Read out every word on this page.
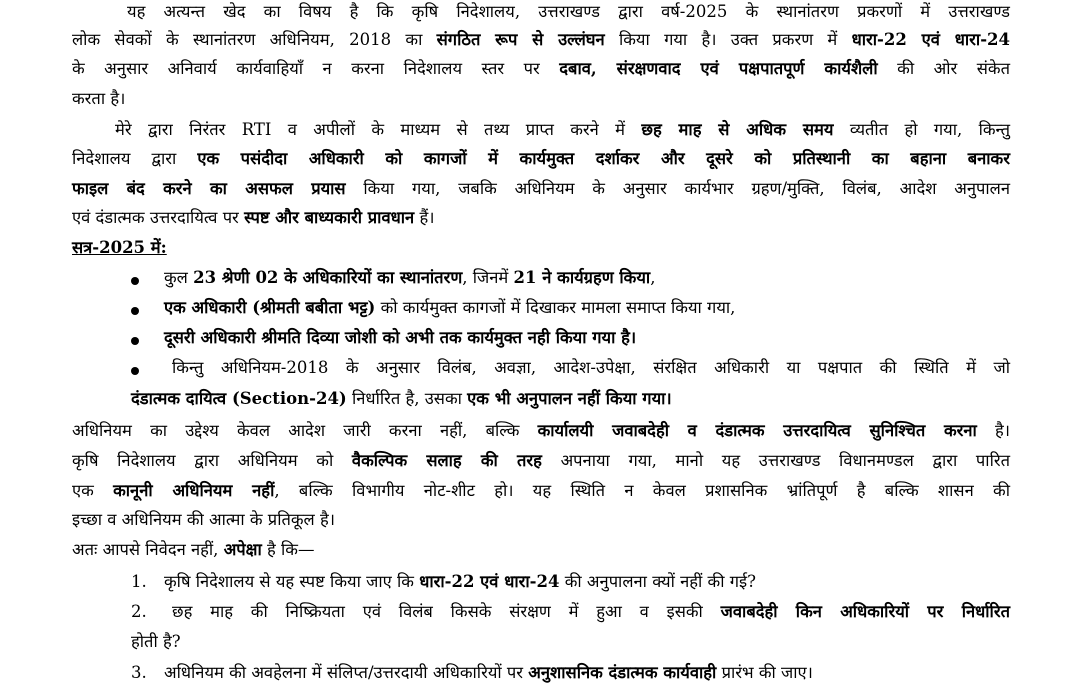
यह अत्यन्त खेद का विषय है कि कृषि निदेशालय, उत्तराखण्ड द्वारा वर्ष-2025 के स्थानांतरण प्रकरणों में उत्तराखण्ड
लोक सेवकों के स्थानांतरण अधिनियम, 2018 का संगठित रूप से उल्लंघन किया गया है। उक्त प्रकरण में धारा-22 एवं धारा-24
के अनुसार अनिवार्य कार्यवाहियाँ न करना निदेशालय स्तर पर दबाव, संरक्षणवाद एवं पक्षपातपूर्ण कार्यशैली की ओर संकेत
करता है।
मेरे द्वारा निरंतर RTI व अपीलों के माध्यम से तथ्य प्राप्त करने में छह माह से अधिक समय व्यतीत हो गया, किन्तु
निदेशालय द्वारा एक पसंदीदा अधिकारी को कागजों में कार्यमुक्त दर्शाकर और दूसरे को प्रतिस्थानी का बहाना बनाकर
फाइल बंद करने का असफल प्रयास किया गया, जबकि अधिनियम के अनुसार कार्यभार ग्रहण/मुक्ति, विलंब, आदेश अनुपालन
एवं दंडात्मक उत्तरदायित्व पर स्पष्ट और बाध्यकारी प्रावधान हैं।
सत्र-2025 में:
कुल 23 श्रेणी 02 के अधिकारियों का स्थानांतरण, जिनमें 21 ने कार्यग्रहण किया,
एक अधिकारी (श्रीमती बबीता भट्ट) को कार्यमुक्त कागजों में दिखाकर मामला समाप्त किया गया,
दूसरी अधिकारी श्रीमति दिव्या जोशी को अभी तक कार्यमुक्त नही किया गया है।
किन्तु अधिनियम-2018 के अनुसार विलंब, अवज्ञा, आदेश-उपेक्षा, संरक्षित अधिकारी या पक्षपात की स्थिति में जो
दंडात्मक दायित्व (Section-24) निर्धारित है, उसका एक भी अनुपालन नहीं किया गया।
अधिनियम का उद्देश्य केवल आदेश जारी करना नहीं, बल्कि कार्यालयी जवाबदेही व दंडात्मक उत्तरदायित्व सुनिश्चित करना है।
कृषि निदेशालय द्वारा अधिनियम को वैकल्पिक सलाह की तरह अपनाया गया, मानो यह उत्तराखण्ड विधानमण्डल द्वारा पारित
एक कानूनी अधिनियम नहीं, बल्कि विभागीय नोट-शीट हो। यह स्थिति न केवल प्रशासनिक भ्रांतिपूर्ण है बल्कि शासन की
इच्छा व अधिनियम की आत्मा के प्रतिकूल है।
अतः आपसे निवेदन नहीं, अपेक्षा है कि—
1. कृषि निदेशालय से यह स्पष्ट किया जाए कि धारा-22 एवं धारा-24 की अनुपालना क्यों नहीं की गई?
2. छह माह की निष्क्रियता एवं विलंब किसके संरक्षण में हुआ व इसकी जवाबदेही किन अधिकारियों पर निर्धारित
होती है?
3. अधिनियम की अवहेलना में संलिप्त/उत्तरदायी अधिकारियों पर अनुशासनिक दंडात्मक कार्यवाही प्रारंभ की जाए।
